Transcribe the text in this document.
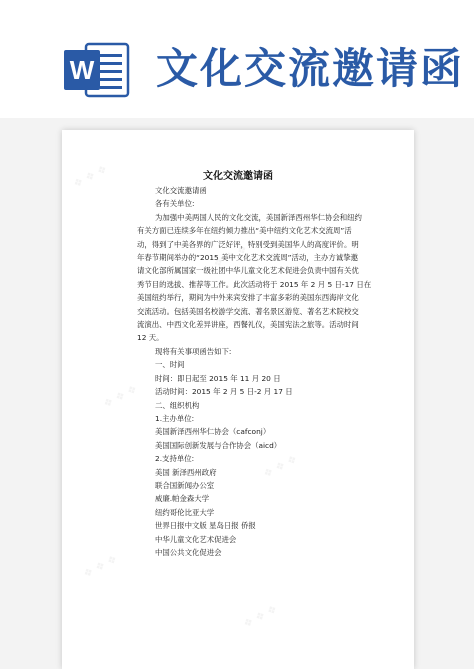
W 文化交流邀请函
文化交流邀请函
文化交流邀请函
各有关单位:
为加强中美两国人民的文化交流，美国新泽西州华仁协会和纽约
有关方面已连续多年在纽约倾力推出“美中纽约文化艺术交流周”活
动，得到了中美各界的广泛好评，特别受到美国华人的高度评价。明
年春节期间举办的“2015 美中文化艺术交流周”活动，主办方诚挚邀
请文化部所属国家一级社团中华儿童文化艺术促进会负责中国有关优
秀节目的选拔、推荐等工作。此次活动将于 2015 年 2 月 5 日-17 日在
美国纽约举行，期间为中外来宾安排了丰富多彩的美国东西海岸文化
交流活动。包括美国名校游学交流、著名景区游览、著名艺术院校交
流演出、中西文化差异讲座，西餐礼仪，美国宪法之旅等。活动时间
12 天。
现将有关事项函告如下:
一、时间
时间：即日起至 2015 年 11 月 20 日
活动时间：2015 年 2 月 5 日-2 月 17 日
二、组织机构
1.主办单位:
美国新泽西州华仁协会（cafconj）
美国国际创新发展与合作协会（aicd）
2.支持单位:
美国 新泽西州政府
联合国新闻办公室
威廉.帕金森大学
纽约哥伦比亚大学
世界日报中文版 星岛日报 侨报
中华儿童文化艺术促进会
中国公共文化促进会
